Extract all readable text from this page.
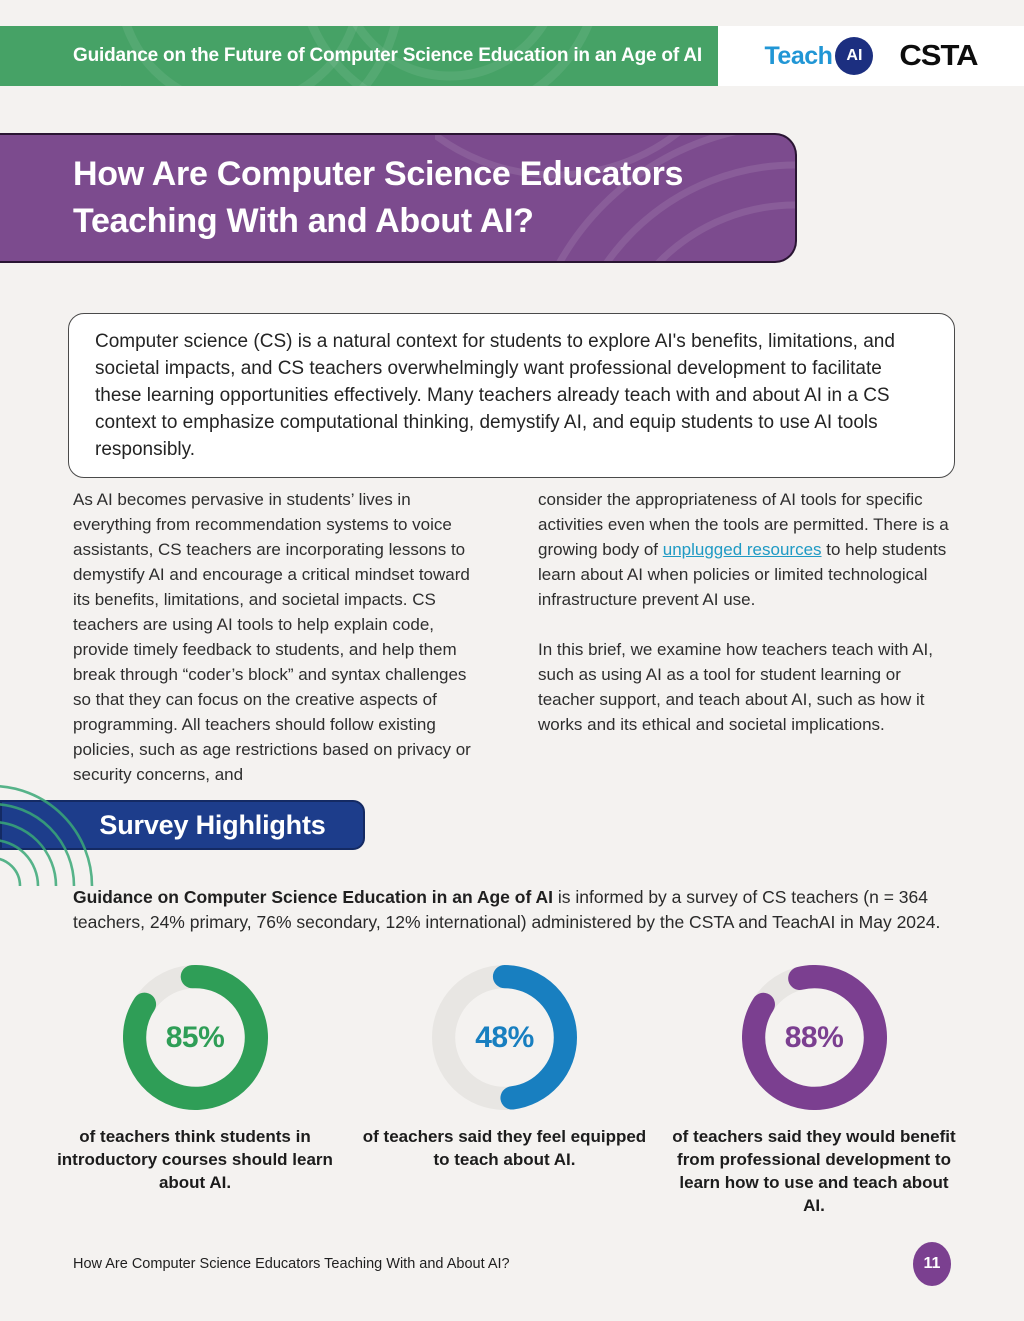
Guidance on the Future of Computer Science Education in an Age of AI	Teach AI	CSTA
How Are Computer Science Educators
Teaching With and About AI?

Computer science (CS) is a natural context for students to explore AI's benefits, limitations, and societal impacts, and CS teachers overwhelmingly want professional development to facilitate these learning opportunities effectively. Many teachers already teach with and about AI in a CS context to emphasize computational thinking, demystify AI, and equip students to use AI tools responsibly.

As AI becomes pervasive in students’ lives in everything from recommendation systems to voice assistants, CS teachers are incorporating lessons to demystify AI and encourage a critical mindset toward its benefits, limitations, and societal impacts. CS teachers are using AI tools to help explain code, provide timely feedback to students, and help them break through “coder’s block” and syntax challenges so that they can focus on the creative aspects of programming. All teachers should follow existing policies, such as age restrictions based on privacy or security concerns, and

consider the appropriateness of AI tools for specific activities even when the tools are permitted. There is a growing body of unplugged resources to help students learn about AI when policies or limited technological infrastructure prevent AI use.

In this brief, we examine how teachers teach with AI, such as using AI as a tool for student learning or teacher support, and teach about AI, such as how it works and its ethical and societal implications.

Survey Highlights

Guidance on Computer Science Education in an Age of AI is informed by a survey of CS teachers (n = 364 teachers, 24% primary, 76% secondary, 12% international) administered by the CSTA and TeachAI in May 2024.

85%

of teachers think students in introductory courses should learn about AI.

48%

of teachers said they feel equipped to teach about AI.

88%

of teachers said they would benefit from professional development to learn how to use and teach about AI.

How Are Computer Science Educators Teaching With and About AI?	11
